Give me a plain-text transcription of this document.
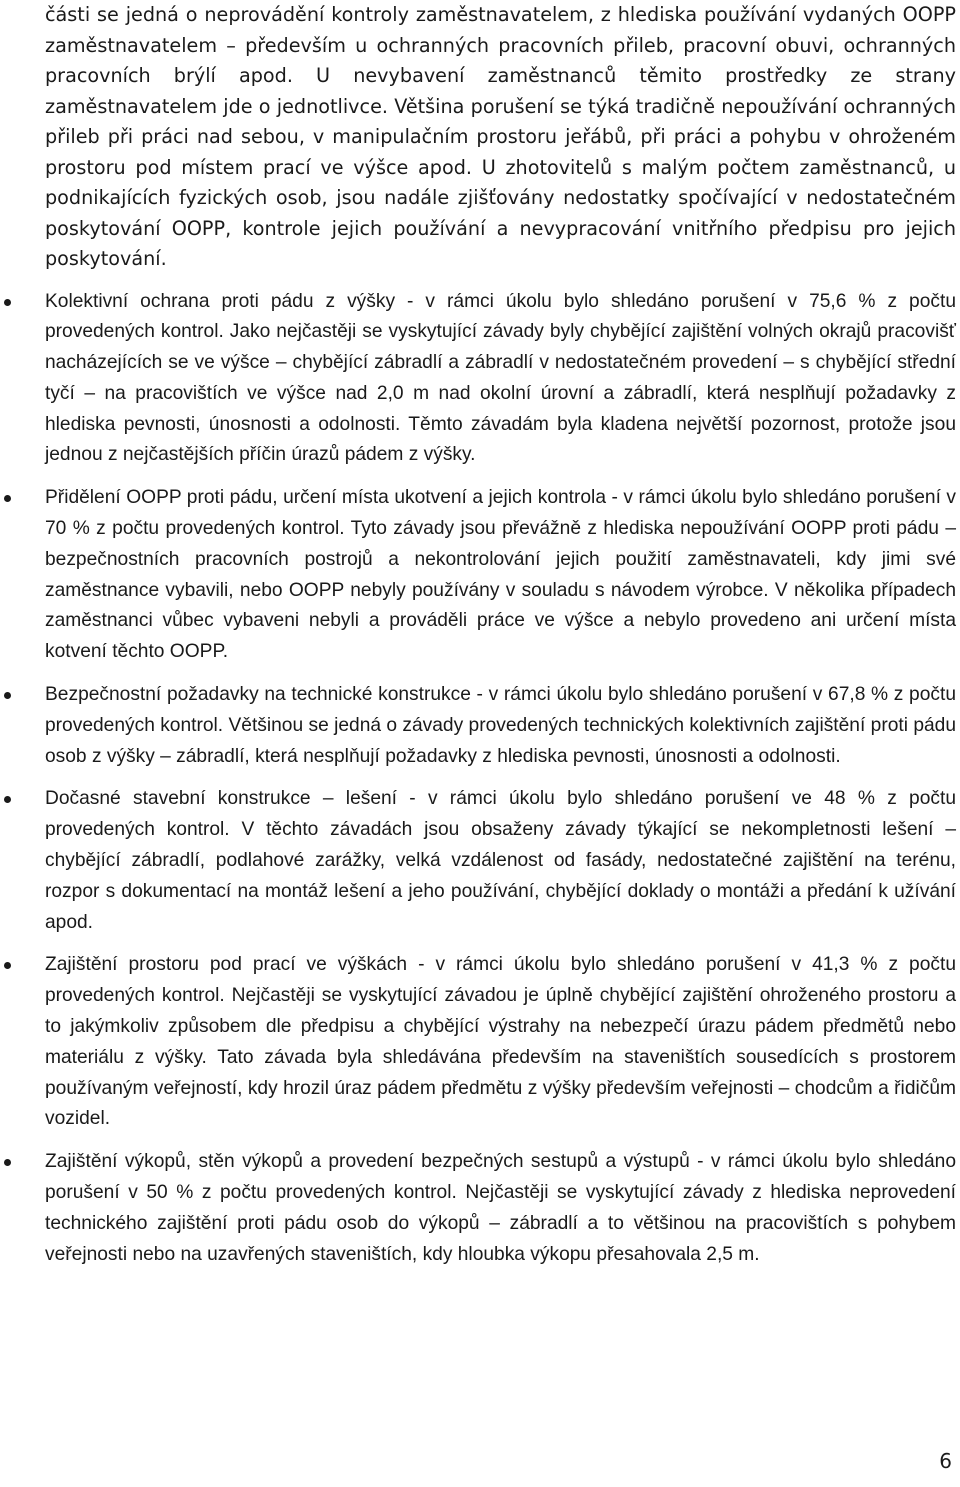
části se jedná o neprovádění kontroly zaměstnavatelem, z hlediska používání vydaných OOPP zaměstnavatelem – především u ochranných pracovních přileb, pracovní obuvi, ochranných pracovních brýlí apod. U nevybavení zaměstnanců těmito prostředky ze strany zaměstnavatelem jde o jednotlivce. Většina porušení se týká tradičně nepoužívání ochranných přileb při práci nad sebou, v manipulačním prostoru jeřábů, při práci a pohybu v ohroženém prostoru pod místem prací ve výšce apod. U zhotovitelů s malým počtem zaměstnanců, u podnikajících fyzických osob, jsou nadále zjišťovány nedostatky spočívající v nedostatečném poskytování OOPP, kontrole jejich používání a nevypracování vnitřního předpisu pro jejich poskytování.

Kolektivní ochrana proti pádu z výšky - v rámci úkolu bylo shledáno porušení v 75,6 % z počtu provedených kontrol. Jako nejčastěji se vyskytující závady byly chybějící zajištění volných okrajů pracovišť nacházejících se ve výšce – chybějící zábradlí a zábradlí v nedostatečném provedení – s chybějící střední tyčí – na pracovištích ve výšce nad 2,0 m nad okolní úrovní a zábradlí, která nesplňují požadavky z hlediska pevnosti, únosnosti a odolnosti. Těmto závadám byla kladena největší pozornost, protože jsou jednou z nejčastějších příčin úrazů pádem z výšky.

Přidělení OOPP proti pádu, určení místa ukotvení a jejich kontrola - v rámci úkolu bylo shledáno porušení v 70 % z počtu provedených kontrol. Tyto závady jsou převážně z hlediska nepoužívání OOPP proti pádu – bezpečnostních pracovních postrojů a nekontrolování jejich použití zaměstnavateli, kdy jimi své zaměstnance vybavili, nebo OOPP nebyly používány v souladu s návodem výrobce. V několika případech zaměstnanci vůbec vybaveni nebyli a prováděli práce ve výšce a nebylo provedeno ani určení místa kotvení těchto OOPP.

Bezpečnostní požadavky na technické konstrukce - v rámci úkolu bylo shledáno porušení v 67,8 % z počtu provedených kontrol. Většinou se jedná o závady provedených technických kolektivních zajištění proti pádu osob z výšky – zábradlí, která nesplňují požadavky z hlediska pevnosti, únosnosti a odolnosti.

Dočasné stavební konstrukce – lešení - v rámci úkolu bylo shledáno porušení ve 48 % z počtu provedených kontrol. V těchto závadách jsou obsaženy závady týkající se nekompletnosti lešení – chybějící zábradlí, podlahové zarážky, velká vzdálenost od fasády, nedostatečné zajištění na terénu, rozpor s dokumentací na montáž lešení a jeho používání, chybějící doklady o montáži a předání k užívání apod.

Zajištění prostoru pod prací ve výškách - v rámci úkolu bylo shledáno porušení v 41,3 % z počtu provedených kontrol. Nejčastěji se vyskytující závadou je úplně chybějící zajištění ohroženého prostoru a to jakýmkoliv způsobem dle předpisu a chybějící výstrahy na nebezpečí úrazu pádem předmětů nebo materiálu z výšky. Tato závada byla shledávána především na staveništích sousedících s prostorem používaným veřejností, kdy hrozil úraz pádem předmětu z výšky především veřejnosti – chodcům a řidičům vozidel.

Zajištění výkopů, stěn výkopů a provedení bezpečných sestupů a výstupů - v rámci úkolu bylo shledáno porušení v 50 % z počtu provedených kontrol. Nejčastěji se vyskytující závady z hlediska neprovedení technického zajištění proti pádu osob do výkopů – zábradlí a to většinou na pracovištích s pohybem veřejnosti nebo na uzavřených staveništích, kdy hloubka výkopu přesahovala 2,5 m.

6
